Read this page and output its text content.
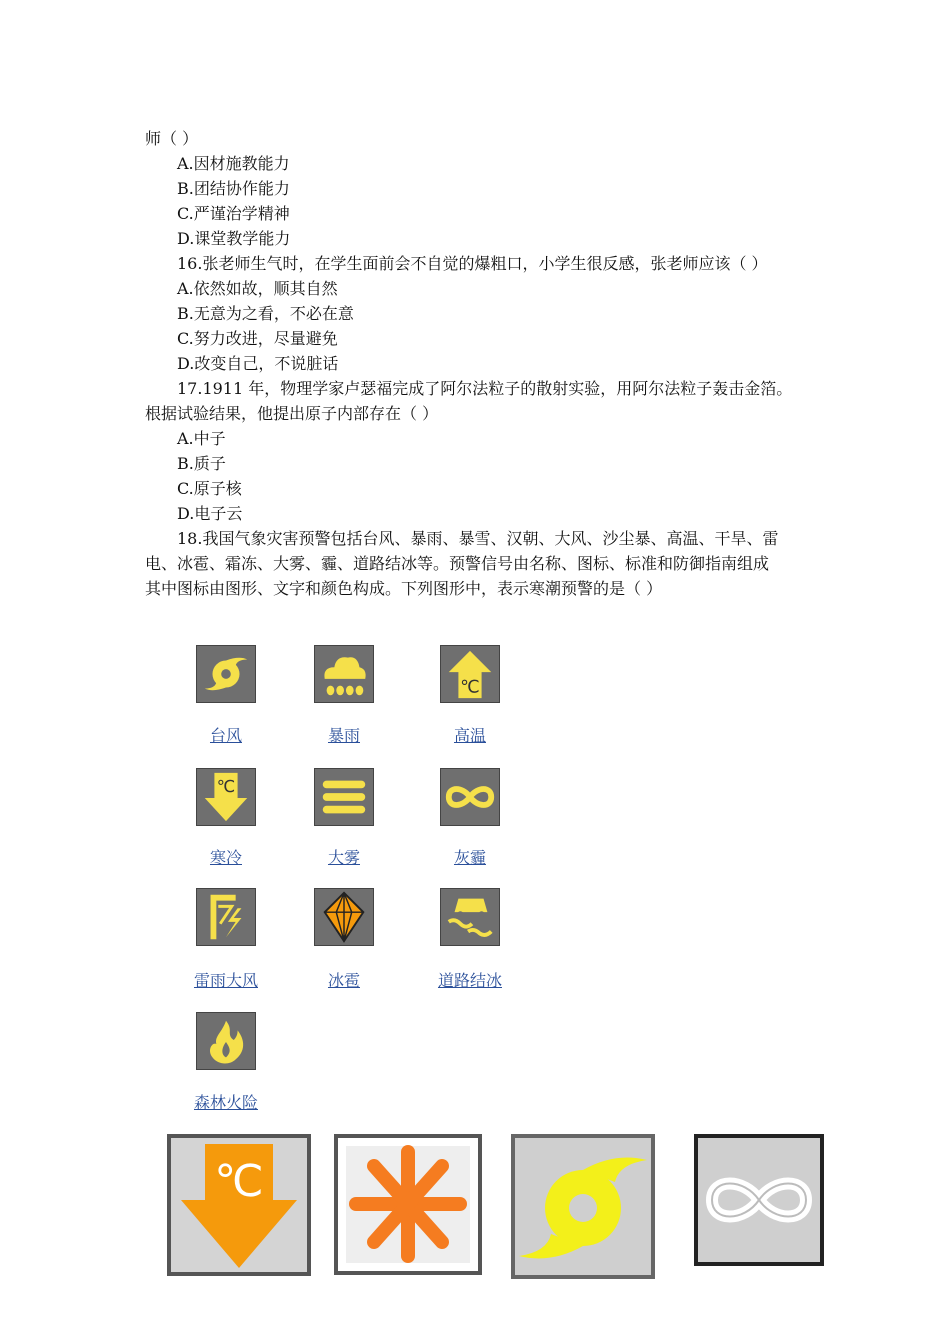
师（ ）
A.因材施教能力
B.团结协作能力
C.严谨治学精神
D.课堂教学能力
16.张老师生气时，在学生面前会不自觉的爆粗口，小学生很反感，张老师应该（ ）
A.依然如故，顺其自然
B.无意为之看，不必在意
C.努力改进，尽量避免
D.改变自己，不说脏话
17.1911 年，物理学家卢瑟福完成了阿尔法粒子的散射实验，用阿尔法粒子轰击金箔。
根据试验结果，他提出原子内部存在（ ）
A.中子
B.质子
C.原子核
D.电子云
18.我国气象灾害预警包括台风、暴雨、暴雪、汉朝、大风、沙尘暴、高温、干旱、雷
电、冰雹、霜冻、大雾、霾、道路结冰等。预警信号由名称、图标、标准和防御指南组成
其中图标由图形、文字和颜色构成。下列图形中，表示寒潮预警的是（ ）
℃
℃
台风	暴雨	高温
寒冷	大雾	灰霾
雷雨大风	冰雹	道路结冰
森林火险
℃
